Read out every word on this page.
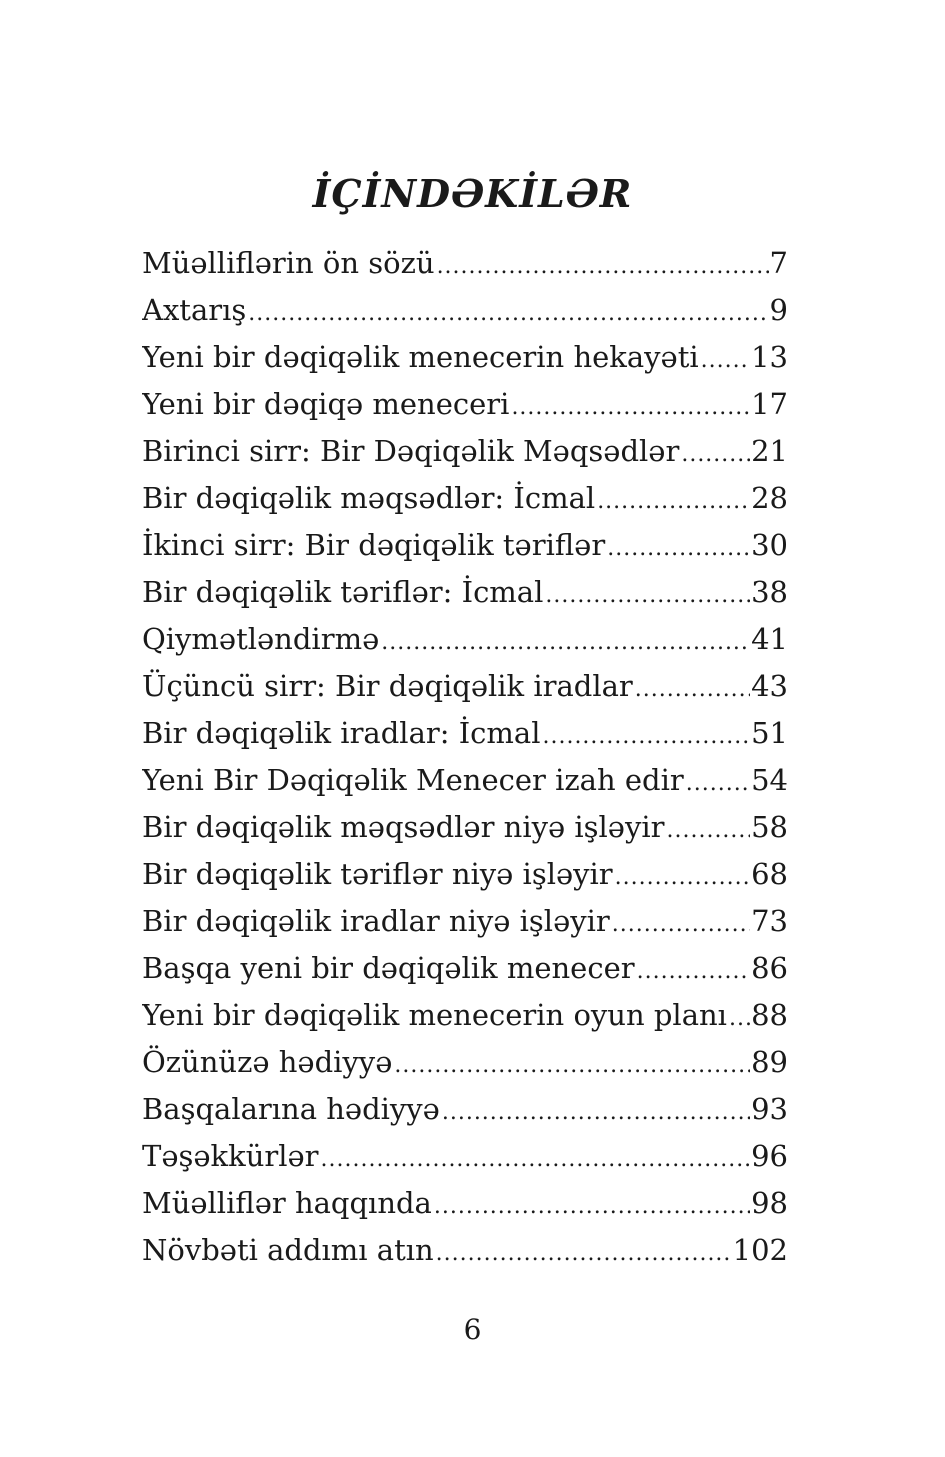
İÇİNDƏKİLƏR
Müəlliflərin ön sözü .....	7
Axtarış .....	9
Yeni bir dəqiqəlik menecerin hekayəti ..... 13
Yeni bir dəqiqə meneceri .....	17
Birinci sirr: Bir Dəqiqəlik Məqsədlər ..... 21
Bir dəqiqəlik məqsədlər: İcmal .....	28
İkinci sirr: Bir dəqiqəlik təriflər .....	30
Bir dəqiqəlik təriflər: İcmal .....	38
Qiymətləndirmə .....	41
Üçüncü sirr: Bir dəqiqəlik iradlar .....	43
Bir dəqiqəlik iradlar: İcmal .....	51
Yeni Bir Dəqiqəlik Menecer izah edir ..... 54
Bir dəqiqəlik məqsədlər niyə işləyir .....	58
Bir dəqiqəlik təriflər niyə işləyir .....	68
Bir dəqiqəlik iradlar niyə işləyir .....	73
Başqa yeni bir dəqiqəlik menecer .....	86
Yeni bir dəqiqəlik menecerin oyun planı ..... 88
Özünüzə hədiyyə .....	89
Başqalarına hədiyyə .....	93
Təşəkkürlər .....	96
Müəlliflər haqqında .....	98
Növbəti addımı atın .....	102
6
